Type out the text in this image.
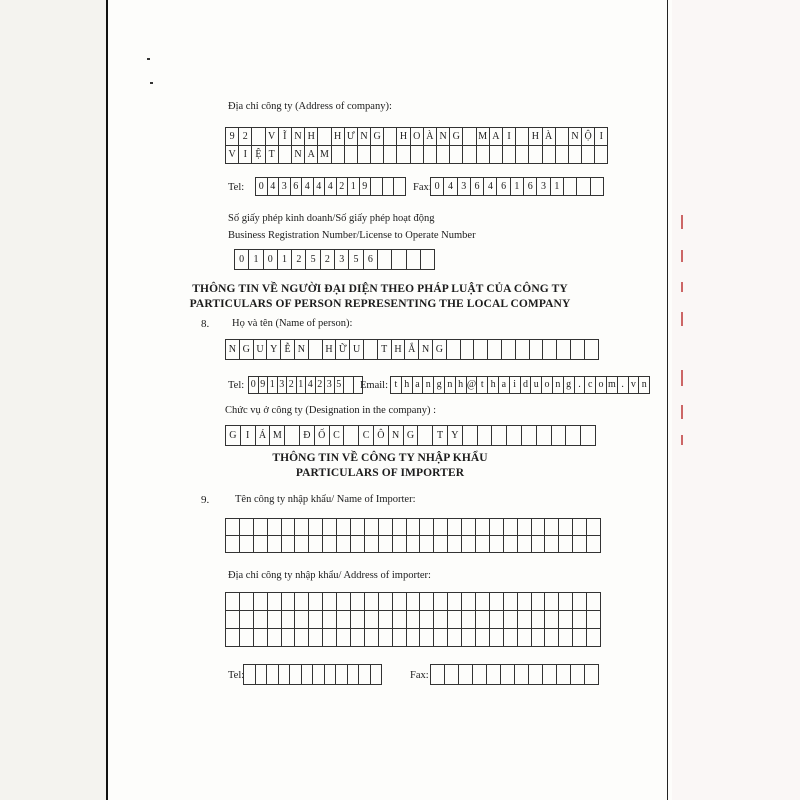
Địa chỉ công ty (Address of company):
9 2	V Ĩ N H	H Ư N G	H O À N G	M A I	H À	N Ộ I
V I Ệ T	N A M
Tel: 0 4 3 6 4 4 4 2 1 9	Fax: 0 4 3 6 4 6 1 6 3 1
Số giấy phép kinh doanh/Số giấy phép hoạt động
Business Registration Number/License to Operate Number
0 1 0 1 2 5 2 3 5 6
THÔNG TIN VỀ NGƯỜI ĐẠI DIỆN THEO PHÁP LUẬT CỦA CÔNG TY
PARTICULARS OF PERSON REPRESENTING THE LOCAL COMPANY
8. Họ và tên (Name of person):
N G U Y Ễ N	H Ữ U	T H Ắ N G
Tel: 0 9 1 3 2 1 4 2 3 5 Email: t h a n g n h @ t h a i d u o n g . c o m . v n
Chức vụ ở công ty (Designation in the company) :
G I Á M	Đ Ố C	C Ô N G	T Y
THÔNG TIN VỀ CÔNG TY NHẬP KHẨU
PARTICULARS OF IMPORTER
9. Tên công ty nhập khẩu/ Name of Importer:
Địa chỉ công ty nhập khẩu/ Address of importer:
Tel:	Fax:
